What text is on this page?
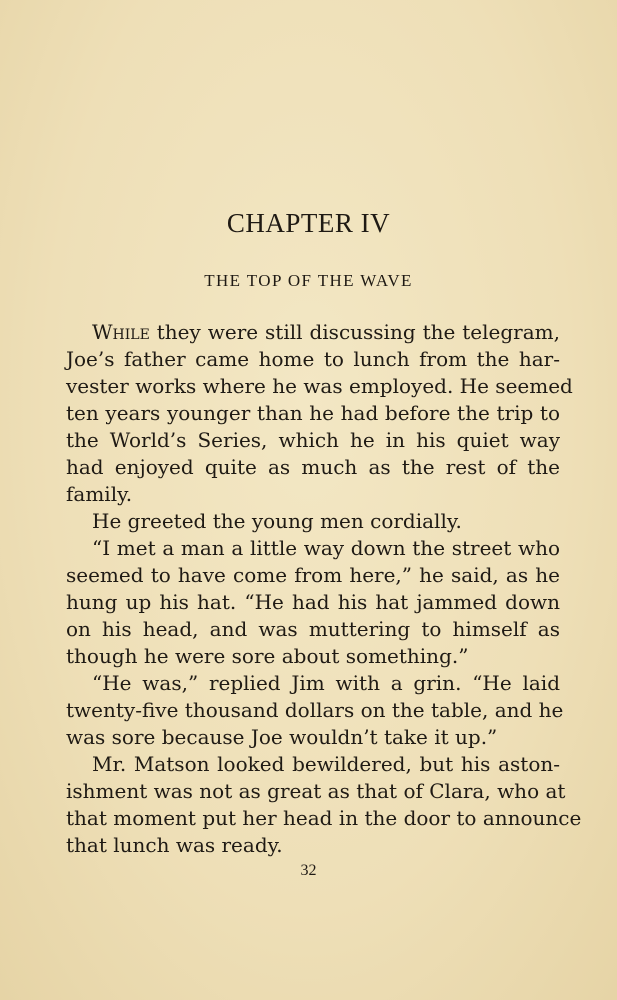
CHAPTER IV
THE TOP OF THE WAVE
While they were still discussing the telegram,
Joe’s father came home to lunch from the har-
vester works where he was employed. He seemed
ten years younger than he had before the trip to
the World’s Series, which he in his quiet way
had enjoyed quite as much as the rest of the
family.
He greeted the young men cordially.
“I met a man a little way down the street who
seemed to have come from here,” he said, as he
hung up his hat. “He had his hat jammed down
on his head, and was muttering to himself as
though he were sore about something.”
“He was,” replied Jim with a grin. “He laid
twenty-five thousand dollars on the table, and he
was sore because Joe wouldn’t take it up.”
Mr. Matson looked bewildered, but his aston-
ishment was not as great as that of Clara, who at
that moment put her head in the door to announce
that lunch was ready.
32
